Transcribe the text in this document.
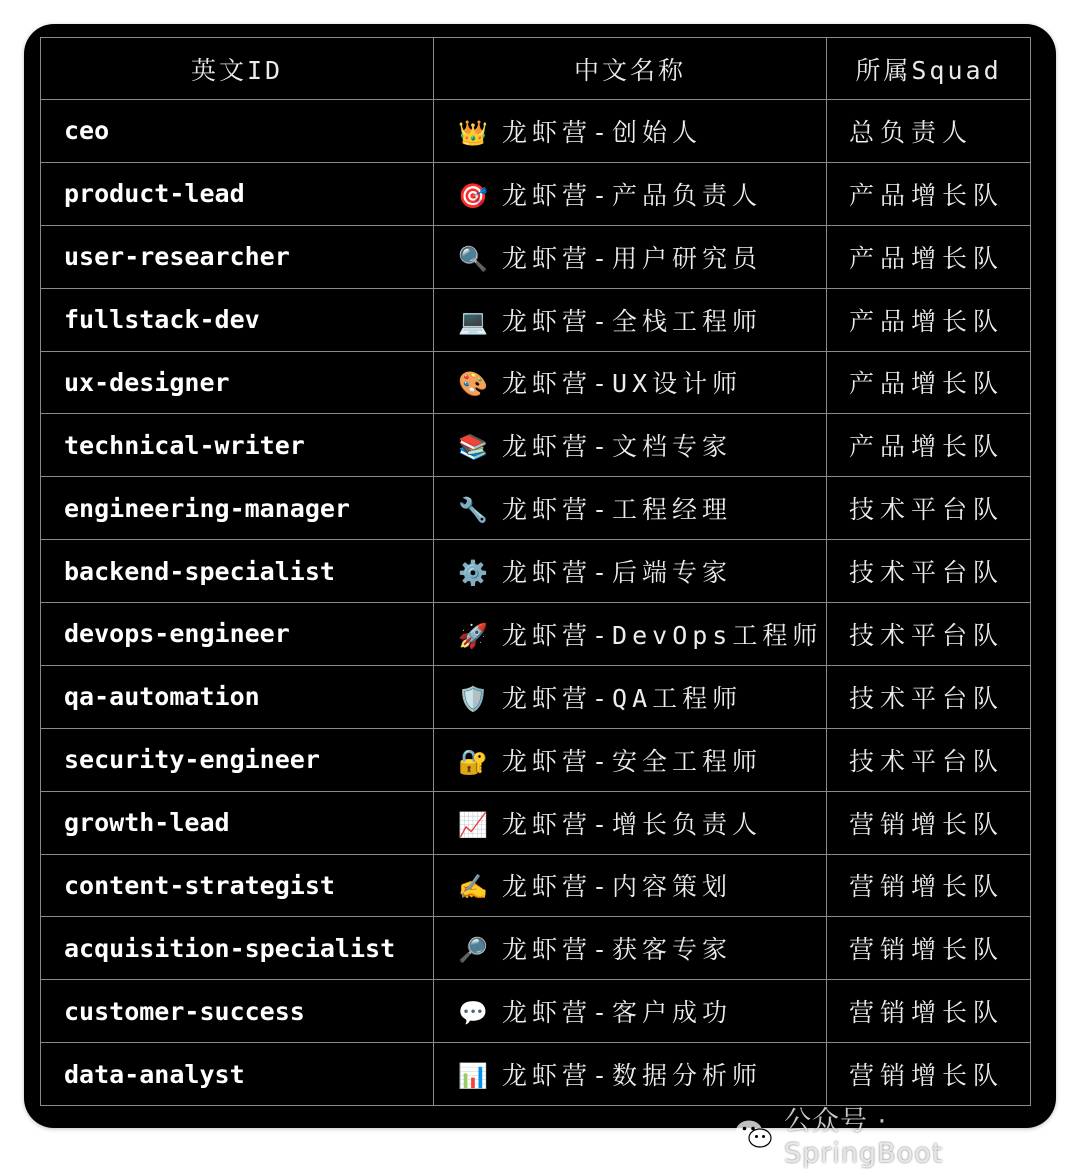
英文ID	中文名称	所属Squad
ceo	👑 龙虾营-创始人	总负责人
product-lead	🎯 龙虾营-产品负责人	产品增长队
user-researcher	🔍 龙虾营-用户研究员	产品增长队
fullstack-dev	💻 龙虾营-全栈工程师	产品增长队
ux-designer	🎨 龙虾营-UX设计师	产品增长队
technical-writer	📚 龙虾营-文档专家	产品增长队
engineering-manager	🔧 龙虾营-工程经理	技术平台队
backend-specialist	⚙️ 龙虾营-后端专家	技术平台队
devops-engineer	🚀 龙虾营-DevOps工程师	技术平台队
qa-automation	🛡️ 龙虾营-QA工程师	技术平台队
security-engineer	🔐 龙虾营-安全工程师	技术平台队
growth-lead	📈 龙虾营-增长负责人	营销增长队
content-strategist	✍️ 龙虾营-内容策划	营销增长队
acquisition-specialist	🔎 龙虾营-获客专家	营销增长队
customer-success	💬 龙虾营-客户成功	营销增长队
data-analyst	📊 龙虾营-数据分析师	营销增长队
公众号 · SpringBoot
